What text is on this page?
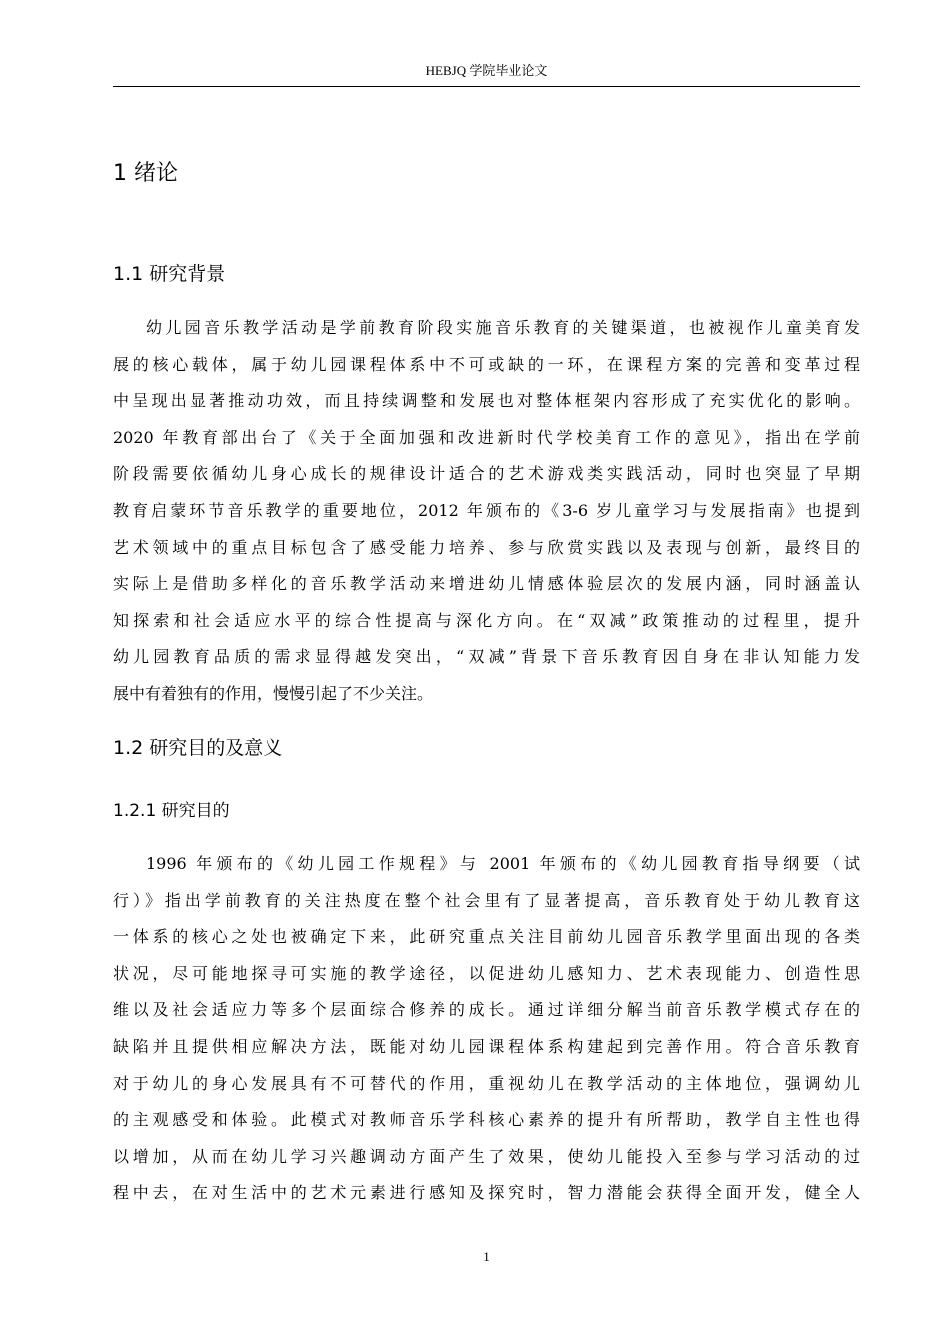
HEBJQ 学院毕业论文
1 绪论
1.1 研究背景
幼儿园音乐教学活动是学前教育阶段实施音乐教育的关键渠道，也被视作儿童美育发
展的核心载体，属于幼儿园课程体系中不可或缺的一环，在课程方案的完善和变革过程
中呈现出显著推动功效，而且持续调整和发展也对整体框架内容形成了充实优化的影响。
2020 年教育部出台了《关于全面加强和改进新时代学校美育工作的意见》，指出在学前
阶段需要依循幼儿身心成长的规律设计适合的艺术游戏类实践活动，同时也突显了早期
教育启蒙环节音乐教学的重要地位，2012 年颁布的《3-6 岁儿童学习与发展指南》也提到
艺术领域中的重点目标包含了感受能力培养、参与欣赏实践以及表现与创新，最终目的
实际上是借助多样化的音乐教学活动来增进幼儿情感体验层次的发展内涵，同时涵盖认
知探索和社会适应水平的综合性提高与深化方向。在“双减”政策推动的过程里，提升
幼儿园教育品质的需求显得越发突出，“双减”背景下音乐教育因自身在非认知能力发
展中有着独有的作用，慢慢引起了不少关注。
1.2 研究目的及意义
1.2.1 研究目的
1996 年颁布的《幼儿园工作规程》与 2001 年颁布的《幼儿园教育指导纲要（试
行）》指出学前教育的关注热度在整个社会里有了显著提高，音乐教育处于幼儿教育这
一体系的核心之处也被确定下来，此研究重点关注目前幼儿园音乐教学里面出现的各类
状况，尽可能地探寻可实施的教学途径，以促进幼儿感知力、艺术表现能力、创造性思
维以及社会适应力等多个层面综合修养的成长。通过详细分解当前音乐教学模式存在的
缺陷并且提供相应解决方法，既能对幼儿园课程体系构建起到完善作用。符合音乐教育
对于幼儿的身心发展具有不可替代的作用，重视幼儿在教学活动的主体地位，强调幼儿
的主观感受和体验。此模式对教师音乐学科核心素养的提升有所帮助，教学自主性也得
以增加，从而在幼儿学习兴趣调动方面产生了效果，使幼儿能投入至参与学习活动的过
程中去，在对生活中的艺术元素进行感知及探究时，智力潜能会获得全面开发，健全人
1
